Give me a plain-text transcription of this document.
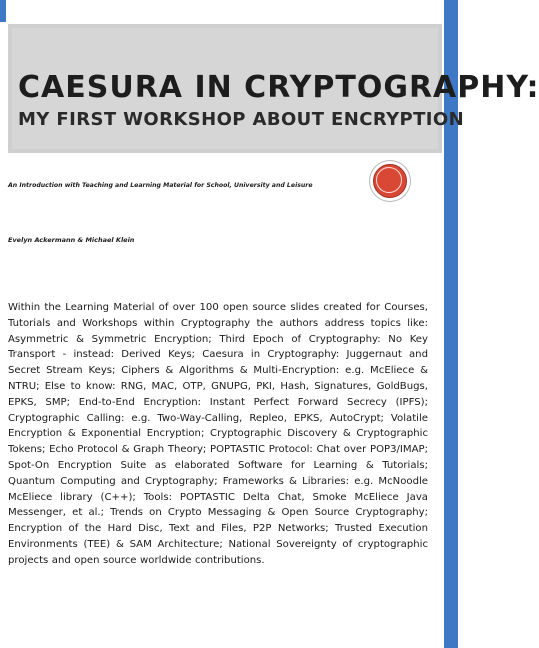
CAESURA IN CRYPTOGRAPHY:
MY FIRST WORKSHOP ABOUT ENCRYPTION
An Introduction with Teaching and Learning Material for School, University and Leisure
Evelyn Ackermann & Michael Klein
Within the Learning Material of over 100 open source slides created for Courses, Tutorials and Workshops within Cryptography the authors address topics like: Asymmetric & Symmetric Encryption; Third Epoch of Cryptography: No Key Transport - instead: Derived Keys; Caesura in Cryptography: Juggernaut and Secret Stream Keys; Ciphers & Algorithms & Multi-Encryption: e.g. McEliece & NTRU; Else to know: RNG, MAC, OTP, GNUPG, PKI, Hash, Signatures, GoldBugs, EPKS, SMP; End-to-End Encryption: Instant Perfect Forward Secrecy (IPFS); Cryptographic Calling: e.g. Two-Way-Calling, Repleo, EPKS, AutoCrypt; Volatile Encryption & Exponential Encryption; Cryptographic Discovery & Cryptographic Tokens; Echo Protocol & Graph Theory; POPTASTIC Protocol: Chat over POP3/IMAP; Spot-On Encryption Suite as elaborated Software for Learning & Tutorials; Quantum Computing and Cryptography; Frameworks & Libraries: e.g. McNoodle McEliece library (C++); Tools: POPTASTIC Delta Chat, Smoke McEliece Java Messenger, et al.; Trends on Crypto Messaging & Open Source Cryptography; Encryption of the Hard Disc, Text and Files, P2P Networks; Trusted Execution Environments (TEE) & SAM Architecture; National Sovereignty of cryptographic projects and open source worldwide contributions.
